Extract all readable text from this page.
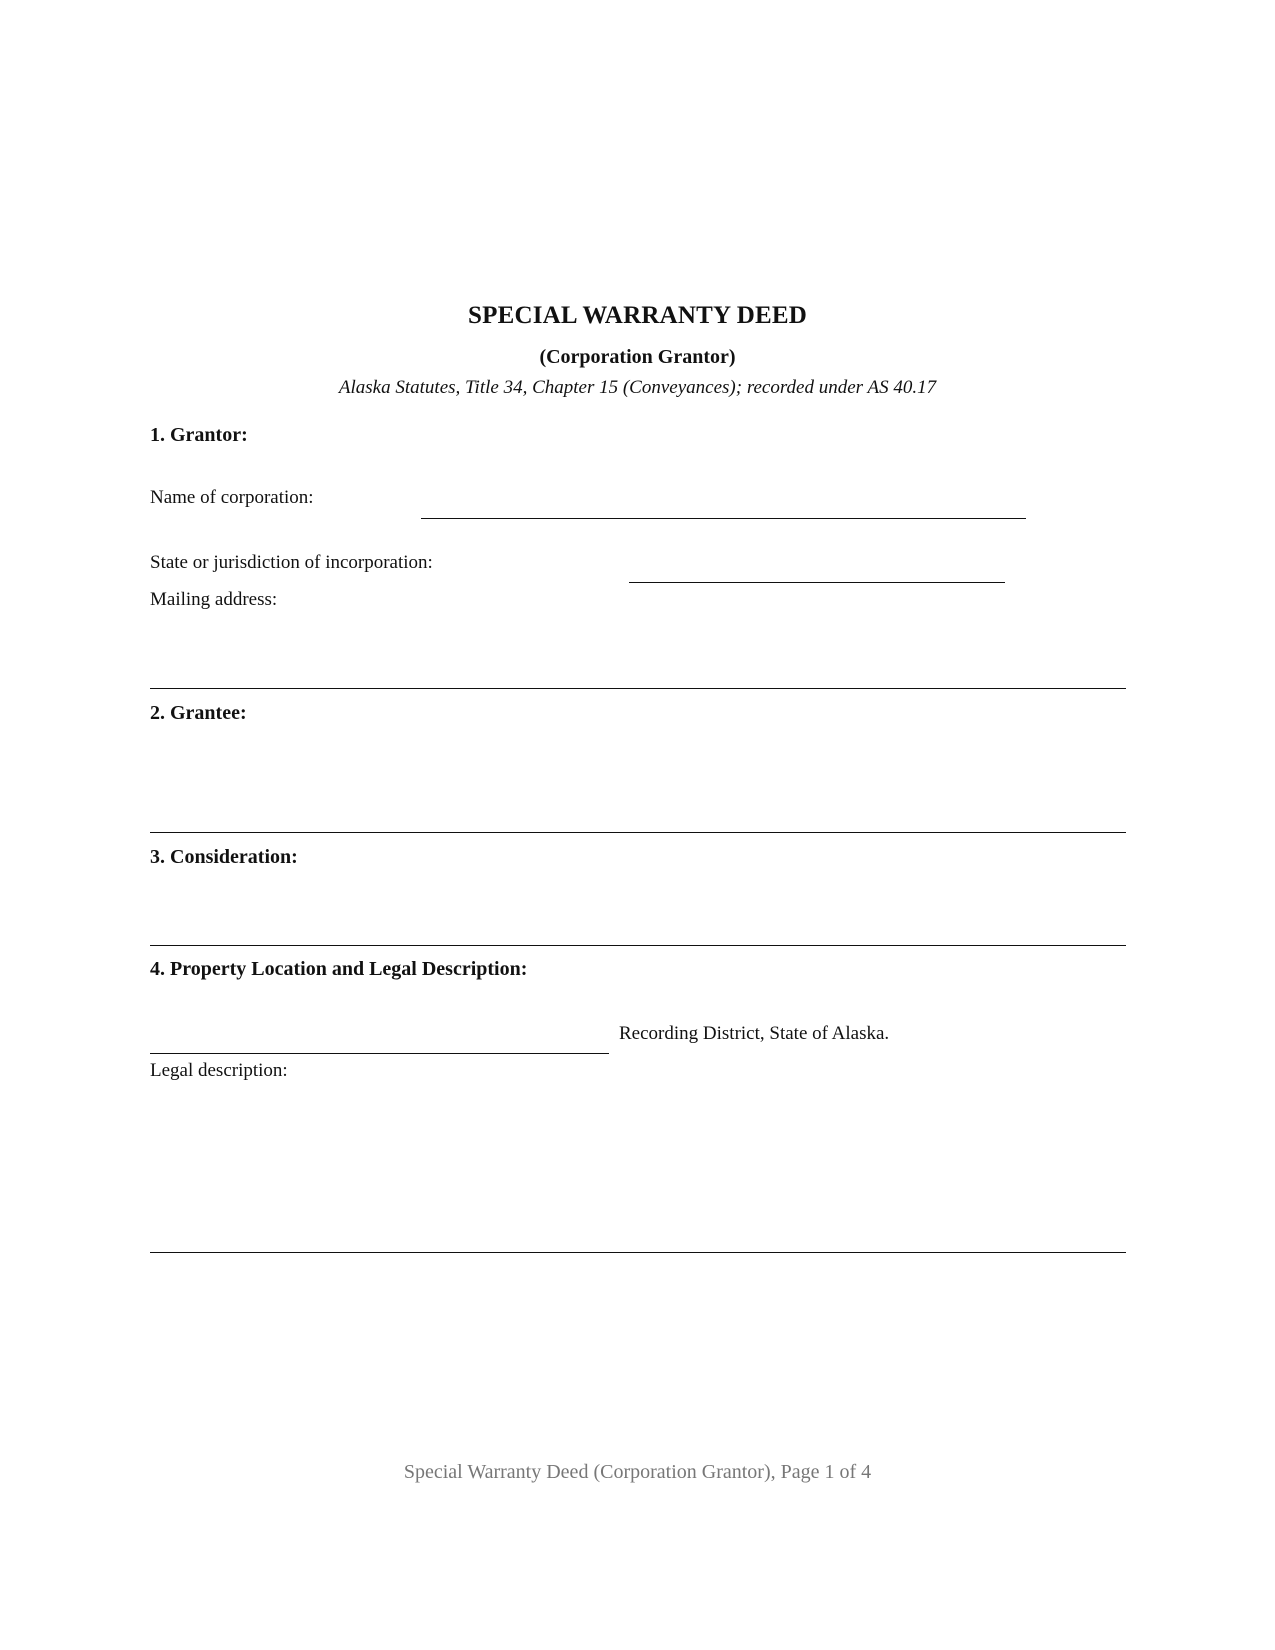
SPECIAL WARRANTY DEED
(Corporation Grantor)
Alaska Statutes, Title 34, Chapter 15 (Conveyances); recorded under AS 40.17
1. Grantor:
Name of corporation:
State or jurisdiction of incorporation:
Mailing address:
2. Grantee:
3. Consideration:
4. Property Location and Legal Description:
Recording District, State of Alaska.
Legal description:
Special Warranty Deed (Corporation Grantor), Page 1 of 4
